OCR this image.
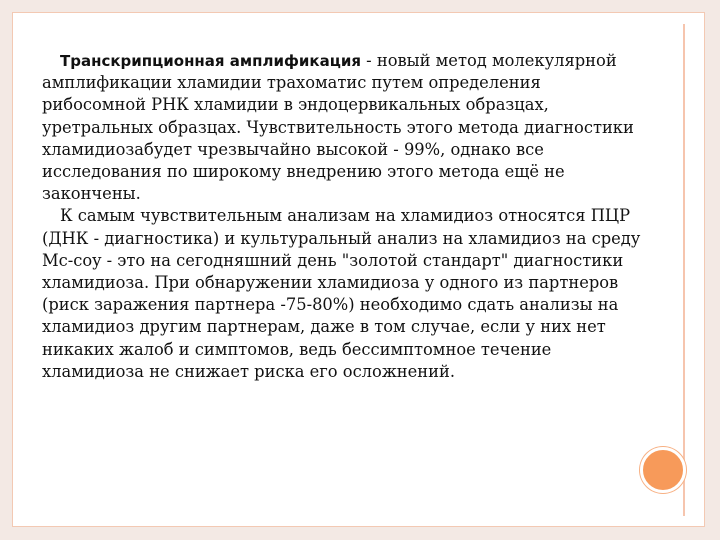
Транскрипционная амплификация - новый метод молекулярной амплификации хламидии трахоматис путем определения рибосомной РНК хламидии в эндоцервикальных образцах, уретральных образцах. Чувствительность этого метода диагностики хламидиозабудет чрезвычайно высокой - 99%, однако все исследования по широкому внедрению этого метода ещё не закончены.

К самым чувствительным анализам на хламидиоз относятся ПЦР (ДНК - диагностика) и культуральный анализ на хламидиоз на среду Mc-coy - это на сегодняшний день "золотой стандарт" диагностики хламидиоза. При обнаружении хламидиоза у одного из партнеров (риск заражения партнера -75-80%) необходимо сдать анализы на хламидиоз другим партнерам, даже в том случае, если у них нет никаких жалоб и симптомов, ведь бессимптомное течение хламидиоза не снижает риска его осложнений.
